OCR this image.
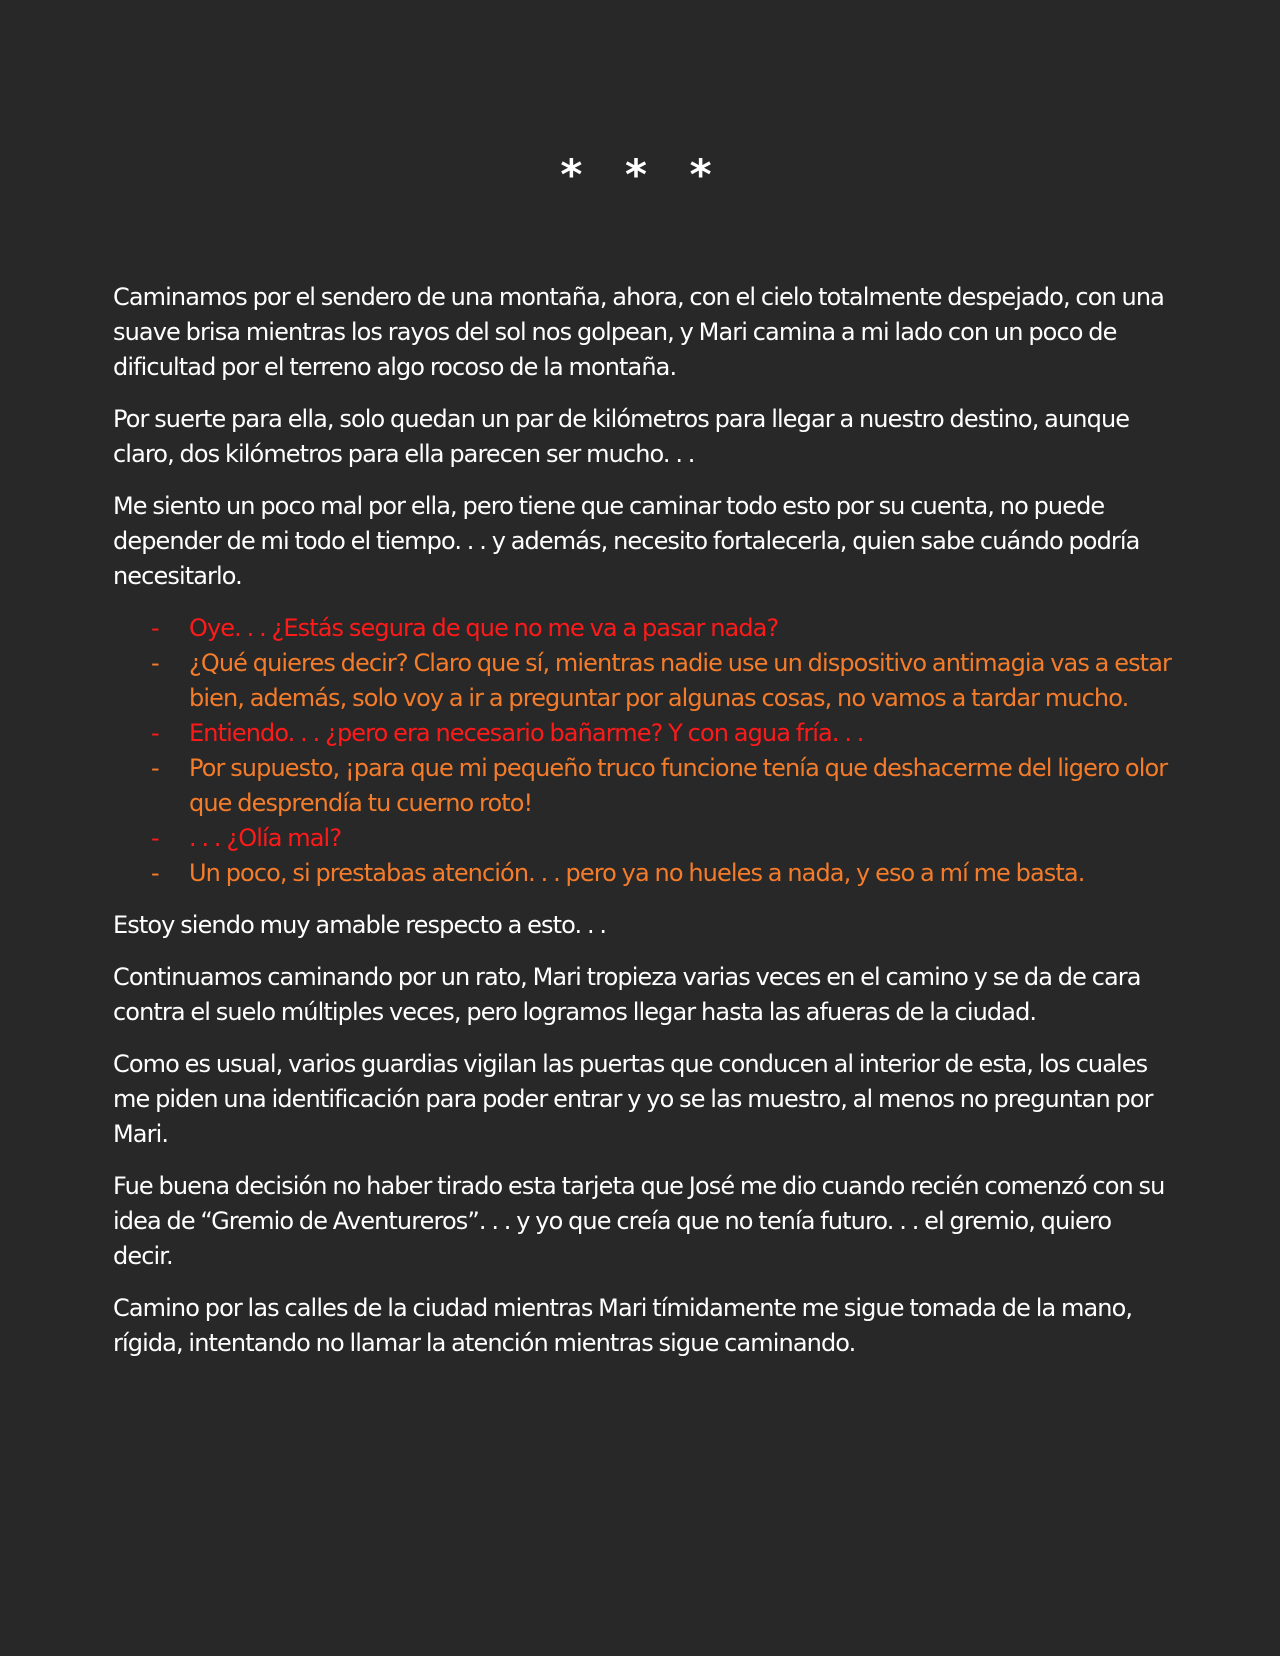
* * *

Caminamos por el sendero de una montaña, ahora, con el cielo totalmente despejado, con una suave brisa mientras los rayos del sol nos golpean, y Mari camina a mi lado con un poco de dificultad por el terreno algo rocoso de la montaña.

Por suerte para ella, solo quedan un par de kilómetros para llegar a nuestro destino, aunque claro, dos kilómetros para ella parecen ser mucho. . .

Me siento un poco mal por ella, pero tiene que caminar todo esto por su cuenta, no puede depender de mi todo el tiempo. . . y además, necesito fortalecerla, quien sabe cuándo podría necesitarlo.

- Oye. . . ¿Estás segura de que no me va a pasar nada?
- ¿Qué quieres decir? Claro que sí, mientras nadie use un dispositivo antimagia vas a estar bien, además, solo voy a ir a preguntar por algunas cosas, no vamos a tardar mucho.
- Entiendo. . . ¿pero era necesario bañarme? Y con agua fría. . .
- Por supuesto, ¡para que mi pequeño truco funcione tenía que deshacerme del ligero olor que desprendía tu cuerno roto!
- . . . ¿Olía mal?
- Un poco, si prestabas atención. . . pero ya no hueles a nada, y eso a mí me basta.

Estoy siendo muy amable respecto a esto. . .

Continuamos caminando por un rato, Mari tropieza varias veces en el camino y se da de cara contra el suelo múltiples veces, pero logramos llegar hasta las afueras de la ciudad.

Como es usual, varios guardias vigilan las puertas que conducen al interior de esta, los cuales me piden una identificación para poder entrar y yo se las muestro, al menos no preguntan por Mari.

Fue buena decisión no haber tirado esta tarjeta que José me dio cuando recién comenzó con su idea de “Gremio de Aventureros”. . . y yo que creía que no tenía futuro. . . el gremio, quiero decir.

Camino por las calles de la ciudad mientras Mari tímidamente me sigue tomada de la mano, rígida, intentando no llamar la atención mientras sigue caminando.
